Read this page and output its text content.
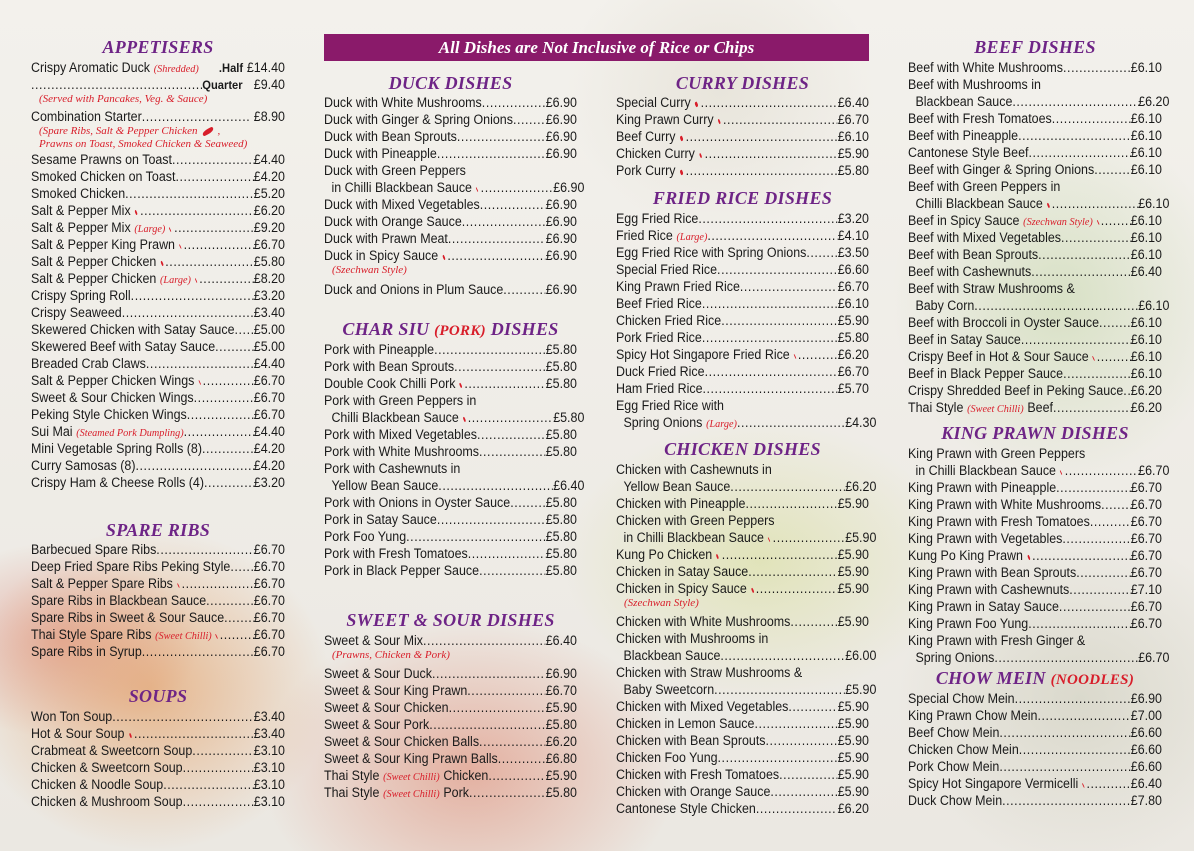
All Dishes are Not Inclusive of Rice or Chips
APPETISERS
Crispy Aromatic Duck (Shredded)	.Half £14.40
.....
Quarter £9.40
(Served with Pancakes, Veg. & Sauce)
Combination Starter .....	£8.90
(Spare Ribs, Salt & Pepper Chicken ,
Prawns on Toast, Smoked Chicken & Seaweed)
Sesame Prawns on Toast .....	£4.40
Smoked Chicken on Toast .....	£4.20
Smoked Chicken .....	£5.20
Salt & Pepper Mix .....	£6.20
Salt & Pepper Mix (Large) .....	£9.20
Salt & Pepper King Prawn .....	£6.70
Salt & Pepper Chicken .....	£5.80
Salt & Pepper Chicken (Large) .....	£8.20
Crispy Spring Roll .....	£3.20
Crispy Seaweed .....	£3.40
Skewered Chicken with Satay Sauce ..... £5.00
Skewered Beef with Satay Sauce .....	£5.00
Breaded Crab Claws .....	£4.40
Salt & Pepper Chicken Wings .....	£6.70
Sweet & Sour Chicken Wings .....	£6.70
Peking Style Chicken Wings .....	£6.70
Sui Mai (Steamed Pork Dumpling) .....	£4.40
Mini Vegetable Spring Rolls (8) .....	£4.20
Curry Samosas (8) .....	£4.20
Crispy Ham & Cheese Rolls (4) .....	£3.20
SPARE RIBS
Barbecued Spare Ribs .....	£6.70
Deep Fried Spare Ribs Peking Style ..... £6.70
Salt & Pepper Spare Ribs .....	£6.70
Spare Ribs in Blackbean Sauce .....	£6.70
Spare Ribs in Sweet & Sour Sauce ..... £6.70
Thai Style Spare Ribs (Sweet Chilli) .....	£6.70
Spare Ribs in Syrup .....	£6.70
SOUPS
Won Ton Soup .....	£3.40
Hot & Sour Soup .....	£3.40
Crabmeat & Sweetcorn Soup .....	£3.10
Chicken & Sweetcorn Soup .....	£3.10
Chicken & Noodle Soup .....	£3.10
Chicken & Mushroom Soup .....	£3.10
DUCK DISHES
Duck with White Mushrooms .....	£6.90
Duck with Ginger & Spring Onions ..... £6.90
Duck with Bean Sprouts .....	£6.90
Duck with Pineapple .....	£6.90
Duck with Green Peppers
in Chilli Blackbean Sauce .....	£6.90
Duck with Mixed Vegetables .....	£6.90
Duck with Orange Sauce .....	£6.90
Duck with Prawn Meat .....	£6.90
Duck in Spicy Sauce .....	£6.90
(Szechwan Style)
Duck and Onions in Plum Sauce .....	£6.90
CHAR SIU (PORK) DISHES
Pork with Pineapple .....	£5.80
Pork with Bean Sprouts .....	£5.80
Double Cook Chilli Pork .....	£5.80
Pork with Green Peppers in
Chilli Blackbean Sauce .....	£5.80
Pork with Mixed Vegetables .....	£5.80
Pork with White Mushrooms .....	£5.80
Pork with Cashewnuts in
Yellow Bean Sauce .....	£6.40
Pork with Onions in Oyster Sauce .....	£5.80
Pork in Satay Sauce .....	£5.80
Pork Foo Yung .....	£5.80
Pork with Fresh Tomatoes .....	£5.80
Pork in Black Pepper Sauce .....	£5.80
SWEET & SOUR DISHES
Sweet & Sour Mix .....	£6.40
(Prawns, Chicken & Pork)
Sweet & Sour Duck .....	£6.90
Sweet & Sour King Prawn .....	£6.70
Sweet & Sour Chicken .....	£5.90
Sweet & Sour Pork .....	£5.80
Sweet & Sour Chicken Balls .....	£6.20
Sweet & Sour King Prawn Balls .....	£6.80
Thai Style (Sweet Chilli) Chicken .....	£5.90
Thai Style (Sweet Chilli) Pork .....	£5.80
CURRY DISHES
Special Curry .....	£6.40
King Prawn Curry .....	£6.70
Beef Curry .....	£6.10
Chicken Curry .....	£5.90
Pork Curry .....	£5.80
FRIED RICE DISHES
Egg Fried Rice .....	£3.20
Fried Rice (Large) .....	£4.10
Egg Fried Rice with Spring Onions ..... £3.50
Special Fried Rice .....	£6.60
King Prawn Fried Rice .....	£6.70
Beef Fried Rice .....	£6.10
Chicken Fried Rice .....	£5.90
Pork Fried Rice .....	£5.80
Spicy Hot Singapore Fried Rice .....	£6.20
Duck Fried Rice .....	£6.70
Ham Fried Rice .....	£5.70
Egg Fried Rice with
Spring Onions (Large) .....	£4.30
CHICKEN DISHES
Chicken with Cashewnuts in
Yellow Bean Sauce .....	£6.20
Chicken with Pineapple .....	£5.90
Chicken with Green Peppers
in Chilli Blackbean Sauce .....	£5.90
Kung Po Chicken .....	£5.90
Chicken in Satay Sauce .....	£5.90
Chicken in Spicy Sauce .....	£5.90
(Szechwan Style)
Chicken with White Mushrooms .....	£5.90
Chicken with Mushrooms in
Blackbean Sauce .....	£6.00
Chicken with Straw Mushrooms &
Baby Sweetcorn .....	£5.90
Chicken with Mixed Vegetables .....	£5.90
Chicken in Lemon Sauce .....	£5.90
Chicken with Bean Sprouts .....	£5.90
Chicken Foo Yung .....	£5.90
Chicken with Fresh Tomatoes .....	£5.90
Chicken with Orange Sauce .....	£5.90
Cantonese Style Chicken .....	£6.20
BEEF DISHES
Beef with White Mushrooms .....	£6.10
Beef with Mushrooms in
Blackbean Sauce .....	£6.20
Beef with Fresh Tomatoes .....	£6.10
Beef with Pineapple .....	£6.10
Cantonese Style Beef .....	£6.10
Beef with Ginger & Spring Onions .....	£6.10
Beef with Green Peppers in
Chilli Blackbean Sauce .....	£6.10
Beef in Spicy Sauce (Szechwan Style) .....	£6.10
Beef with Mixed Vegetables .....	£6.10
Beef with Bean Sprouts .....	£6.10
Beef with Cashewnuts .....	£6.40
Beef with Straw Mushrooms &
Baby Corn .....	£6.10
Beef with Broccoli in Oyster Sauce ..... £6.10
Beef in Satay Sauce .....	£6.10
Crispy Beef in Hot & Sour Sauce .....	£6.10
Beef in Black Pepper Sauce .....	£6.10
Crispy Shredded Beef in Peking Sauce ..... £6.20
Thai Style (Sweet Chilli) Beef .....	£6.20
KING PRAWN DISHES
King Prawn with Green Peppers
in Chilli Blackbean Sauce .....	£6.70
King Prawn with Pineapple .....	£6.70
King Prawn with White Mushrooms ..... £6.70
King Prawn with Fresh Tomatoes .....	£6.70
King Prawn with Vegetables .....	£6.70
Kung Po King Prawn .....	£6.70
King Prawn with Bean Sprouts .....	£6.70
King Prawn with Cashewnuts .....	£7.10
King Prawn in Satay Sauce .....	£6.70
King Prawn Foo Yung .....	£6.70
King Prawn with Fresh Ginger &
Spring Onions .....	£6.70
CHOW MEIN (NOODLES)
Special Chow Mein .....	£6.90
King Prawn Chow Mein .....	£7.00
Beef Chow Mein .....	£6.60
Chicken Chow Mein .....	£6.60
Pork Chow Mein .....	£6.60
Spicy Hot Singapore Vermicelli .....	£6.40
Duck Chow Mein .....	£7.80
